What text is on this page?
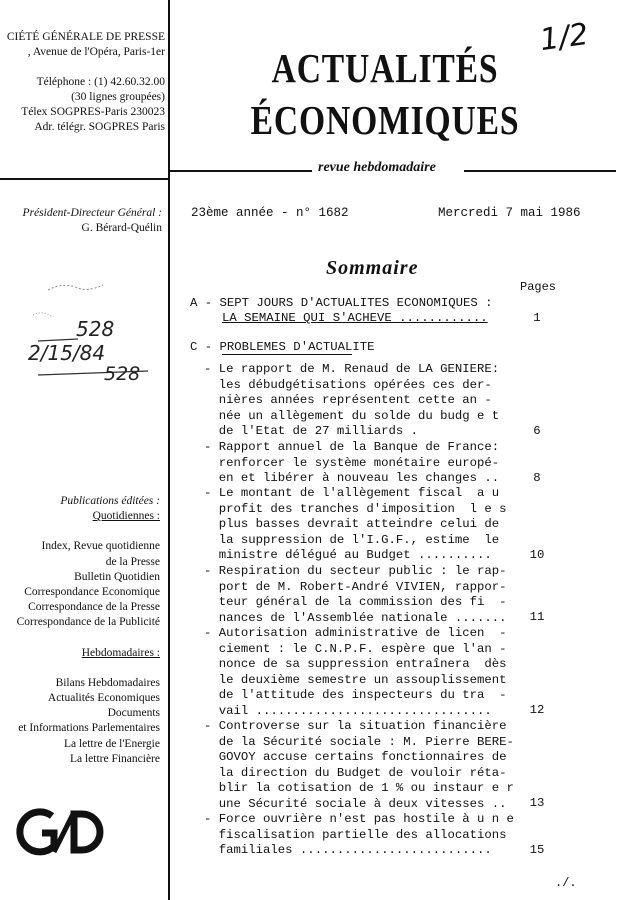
CIÉTÉ GÉNÉRALE DE PRESSE
, Avenue de l'Opéra, Paris-1er
Téléphone : (1) 42.60.32.00
(30 lignes groupées)
Télex SOGPRES-Paris 230023
Adr. télégr. SOGPRES Paris
1/2
ACTUALITÉS
ÉCONOMIQUES
revue hebdomadaire
Président-Directeur Général :
G. Bérard-Quélin
23ème année - n° 1682	Mercredi 7 mai 1986
528
2/15/84
528
Publications éditées :
Quotidiennes :
Index, Revue quotidienne
de la Presse
Bulletin Quotidien
Correspondance Economique
Correspondance de la Presse
Correspondance de la Publicité
Hebdomadaires :
Bilans Hebdomadaires
Actualités Economiques
Documents
et Informations Parlementaires
La lettre de l'Energie
La lettre Financière
Sommaire
Pages
A - SEPT JOURS D'ACTUALITES ECONOMIQUES :
LA SEMAINE QUI S'ACHEVE ............	1
C - PROBLEMES D'ACTUALITE
- Le rapport de M. Renaud de LA GENIERE:
les débudgétisations opérées ces der-
nières années représentent cette an -
née un allègement du solde du budg e t
de l'Etat de 27 milliards .	6
- Rapport annuel de la Banque de France:
renforcer le système monétaire europé-
en et libérer à nouveau les changes ..	8
- Le montant de l'allègement fiscal  a u
profit des tranches d'imposition  l e s
plus basses devrait atteindre celui de
la suppression de l'I.G.F., estime  le
ministre délégué au Budget ..........	10
- Respiration du secteur public : le rap-
port de M. Robert-André VIVIEN, rappor-
teur général de la commission des fi  -
nances de l'Assemblée nationale .......	11
- Autorisation administrative de licen  -
ciement : le C.N.P.F. espère que l'an -
nonce de sa suppression entraînera  dès
le deuxième semestre un assouplissement
de l'attitude des inspecteurs du tra  -
vail ................................	12
- Controverse sur la situation financière
de la Sécurité sociale : M. Pierre BERE-
GOVOY accuse certains fonctionnaires de
la direction du Budget de vouloir réta-
blir la cotisation de 1 % ou instaur e r
une Sécurité sociale à deux vitesses ..	13
- Force ouvrière n'est pas hostile à u n e
fiscalisation partielle des allocations
familiales ..........................	15
./.
